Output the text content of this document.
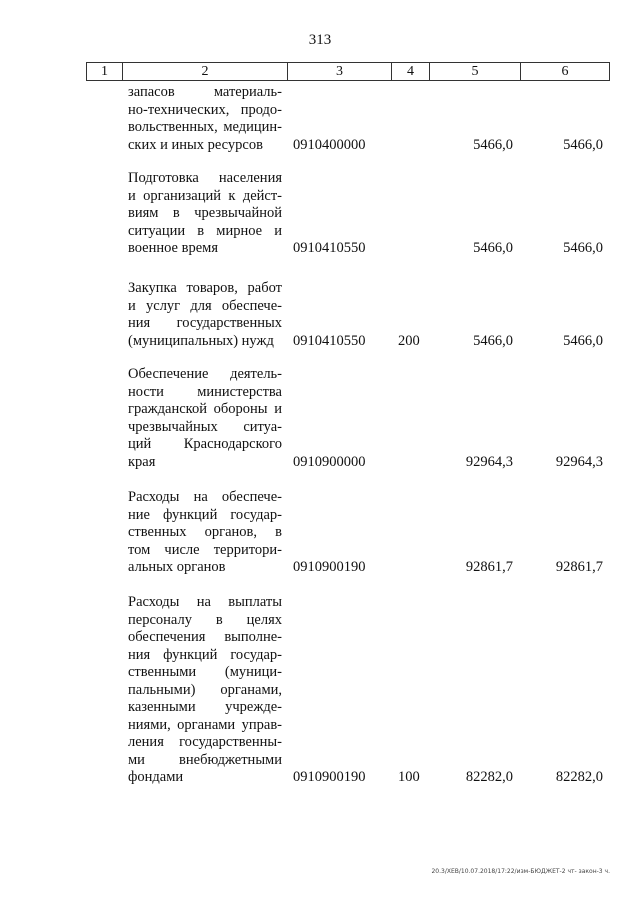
313
1	2	3	4	5	6
запасов материаль-
но-технических, продо-
вольственных, медицин-
ских и иных ресурсов	0910400000	5466,0	5466,0
Подготовка населения
и организаций к дейст-
виям в чрезвычайной
ситуации в мирное и
военное время	0910410550	5466,0	5466,0
Закупка товаров, работ
и услуг для обеспече-
ния государственных
(муниципальных) нужд	0910410550 200	5466,0	5466,0
Обеспечение деятель-
ности министерства
гражданской обороны и
чрезвычайных ситуа-
ций Краснодарского
края	0910900000	92964,3	92964,3
Расходы на обеспече-
ние функций государ-
ственных органов, в
том числе территори-
альных органов	0910900190	92861,7	92861,7
Расходы на выплаты
персоналу в целях
обеспечения выполне-
ния функций государ-
ственными (муници-
пальными) органами,
казенными учрежде-
ниями, органами управ-
ления государственны-
ми внебюджетными
фондами	0910900190 100	82282,0	82282,0
20.3/ХЕВ/10.07.2018/17:22/изм-БЮДЖЕТ-2 чт- закон-3 ч.
